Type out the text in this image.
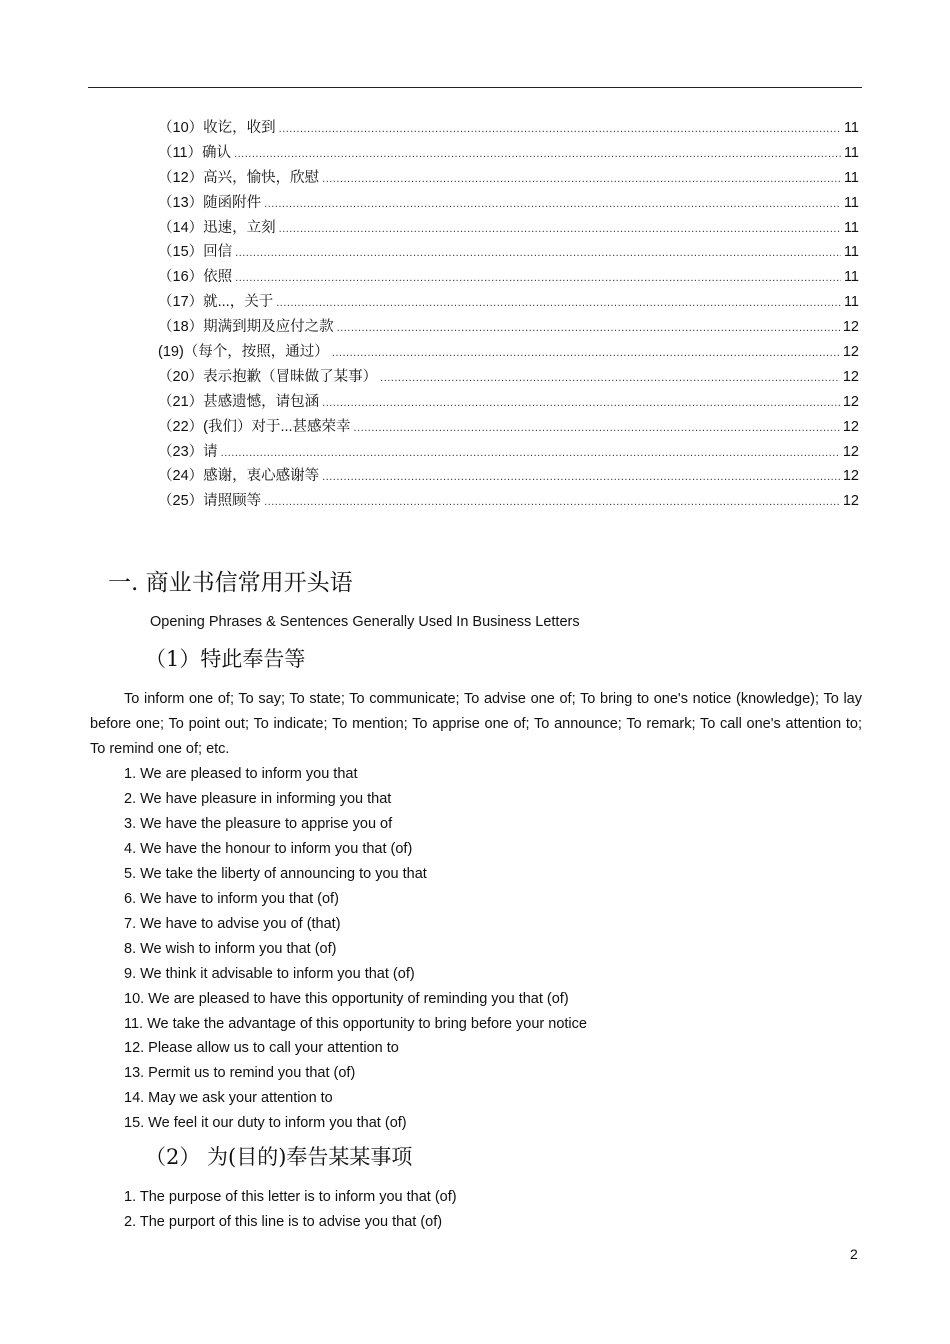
（10）收讫，收到 .....	11
（11）确认 .....	11
（12）高兴，愉快，欣慰 .....	11
（13）随函附件 .....	11
（14）迅速，立刻 .....	11
（15）回信 .....	11
（16）依照 .....	11
（17）就...，关于 .....	11
（18）期满到期及应付之款 .....	12
(19)（每个，按照，通过） .....	12
（20）表示抱歉（冒昧做了某事） .....	12
（21）甚感遗憾，请包涵 .....	12
（22）(我们）对于...甚感荣幸 .....	12
（23）请 .....	12
（24）感谢，衷心感谢等 .....	12
（25）请照顾等 .....	12
一. 商业书信常用开头语
Opening Phrases & Sentences Generally Used In Business Letters
（1）特此奉告等
To inform one of; To say; To state; To communicate; To advise one of; To bring to one's notice (knowledge); To lay before one; To point out; To indicate; To mention; To apprise one of; To announce; To remark; To call one's attention to; To remind one of; etc.
1. We are pleased to inform you that
2. We have pleasure in informing you that
3. We have the pleasure to apprise you of
4. We have the honour to inform you that (of)
5. We take the liberty of announcing to you that
6. We have to inform you that (of)
7. We have to advise you of (that)
8. We wish to inform you that (of)
9. We think it advisable to inform you that (of)
10. We are pleased to have this opportunity of reminding you that (of)
11. We take the advantage of this opportunity to bring before your notice
12. Please allow us to call your attention to
13. Permit us to remind you that (of)
14. May we ask your attention to
15. We feel it our duty to inform you that (of)
（2） 为(目的)奉告某某事项
1. The purpose of this letter is to inform you that (of)
2. The purport of this line is to advise you that (of)
2
